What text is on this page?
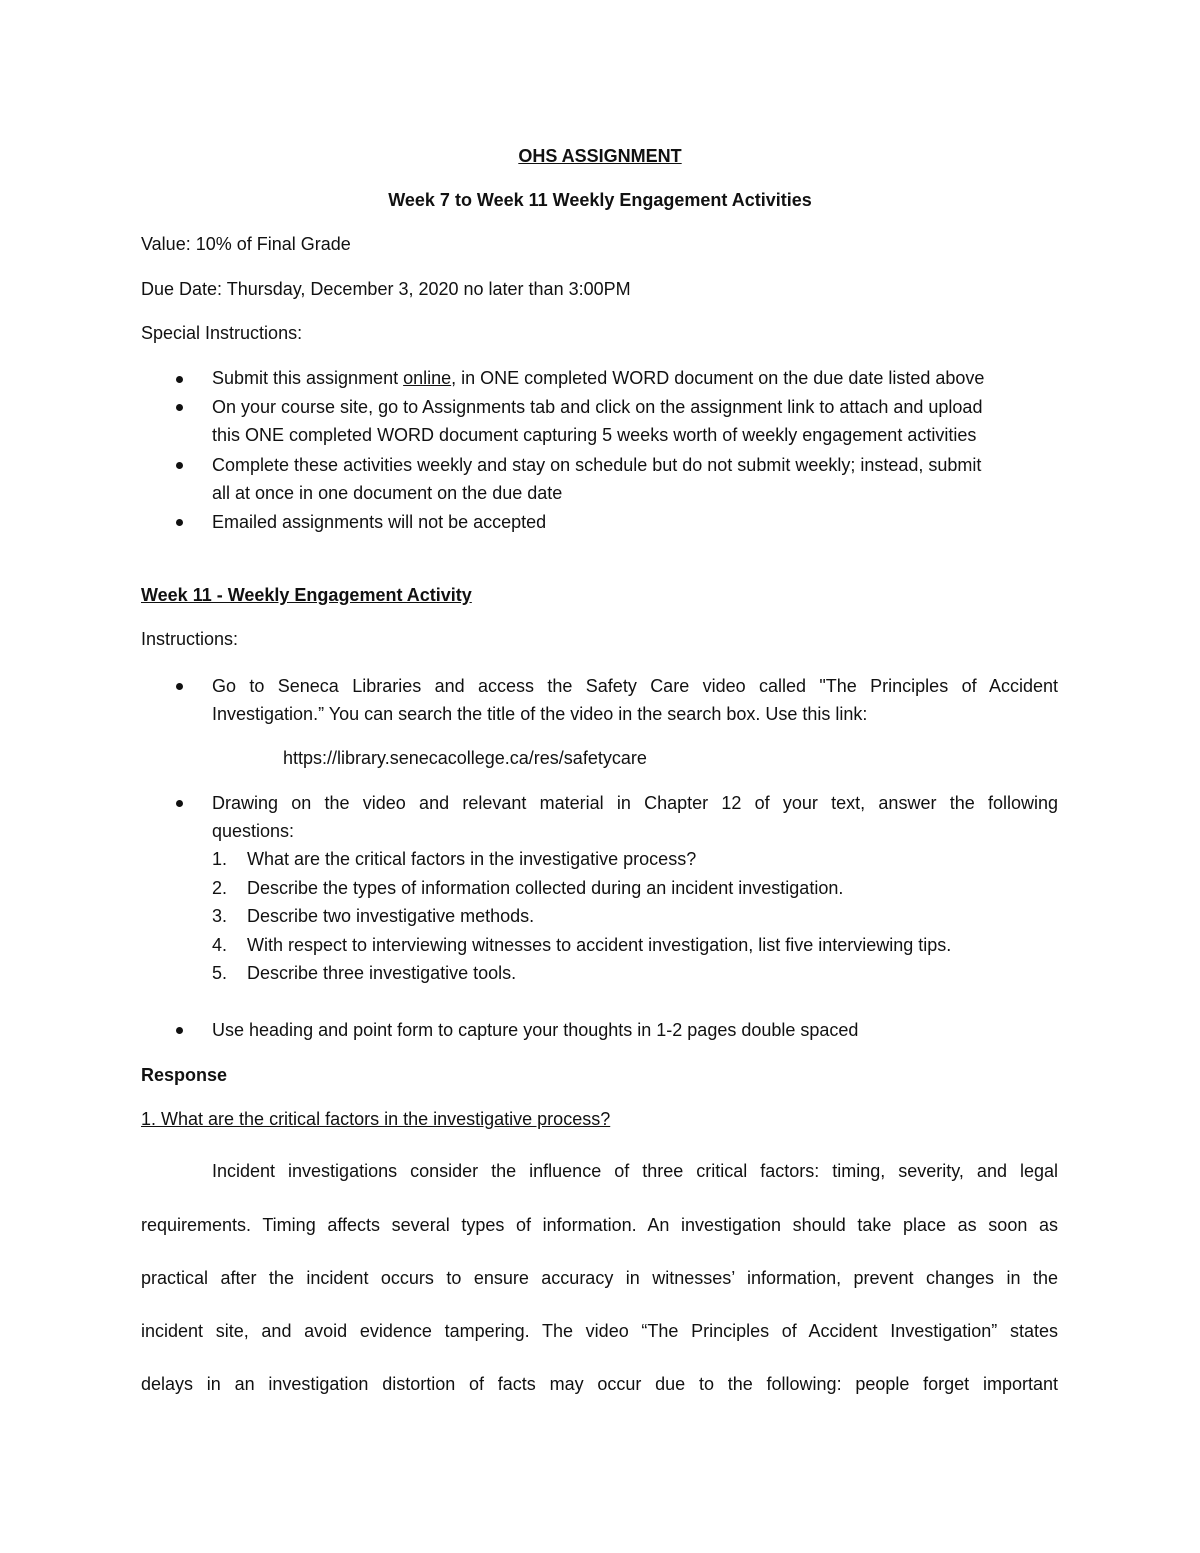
OHS ASSIGNMENT
Week 7 to Week 11 Weekly Engagement Activities
Value: 10% of Final Grade
Due Date: Thursday, December 3, 2020 no later than 3:00PM
Special Instructions:
Submit this assignment online, in ONE completed WORD document on the due date listed above
On your course site, go to Assignments tab and click on the assignment link to attach and upload
this ONE completed WORD document capturing 5 weeks worth of weekly engagement activities
Complete these activities weekly and stay on schedule but do not submit weekly; instead, submit
all at once in one document on the due date
Emailed assignments will not be accepted
Week 11 - Weekly Engagement Activity
Instructions:
Go to Seneca Libraries and access the Safety Care video called "The Principles of Accident
Investigation.” You can search the title of the video in the search box. Use this link:
https://library.senecacollege.ca/res/safetycare
Drawing on the video and relevant material in Chapter 12 of your text, answer the following
questions:
1. What are the critical factors in the investigative process?
2. Describe the types of information collected during an incident investigation.
3. Describe two investigative methods.
4. With respect to interviewing witnesses to accident investigation, list five interviewing tips.
5. Describe three investigative tools.
Use heading and point form to capture your thoughts in 1-2 pages double spaced
Response
1. What are the critical factors in the investigative process?
Incident investigations consider the influence of three critical factors: timing, severity, and legal
requirements. Timing affects several types of information. An investigation should take place as soon as
practical after the incident occurs to ensure accuracy in witnesses’ information, prevent changes in the
incident site, and avoid evidence tampering. The video “The Principles of Accident Investigation” states
delays in an investigation distortion of facts may occur due to the following: people forget important
